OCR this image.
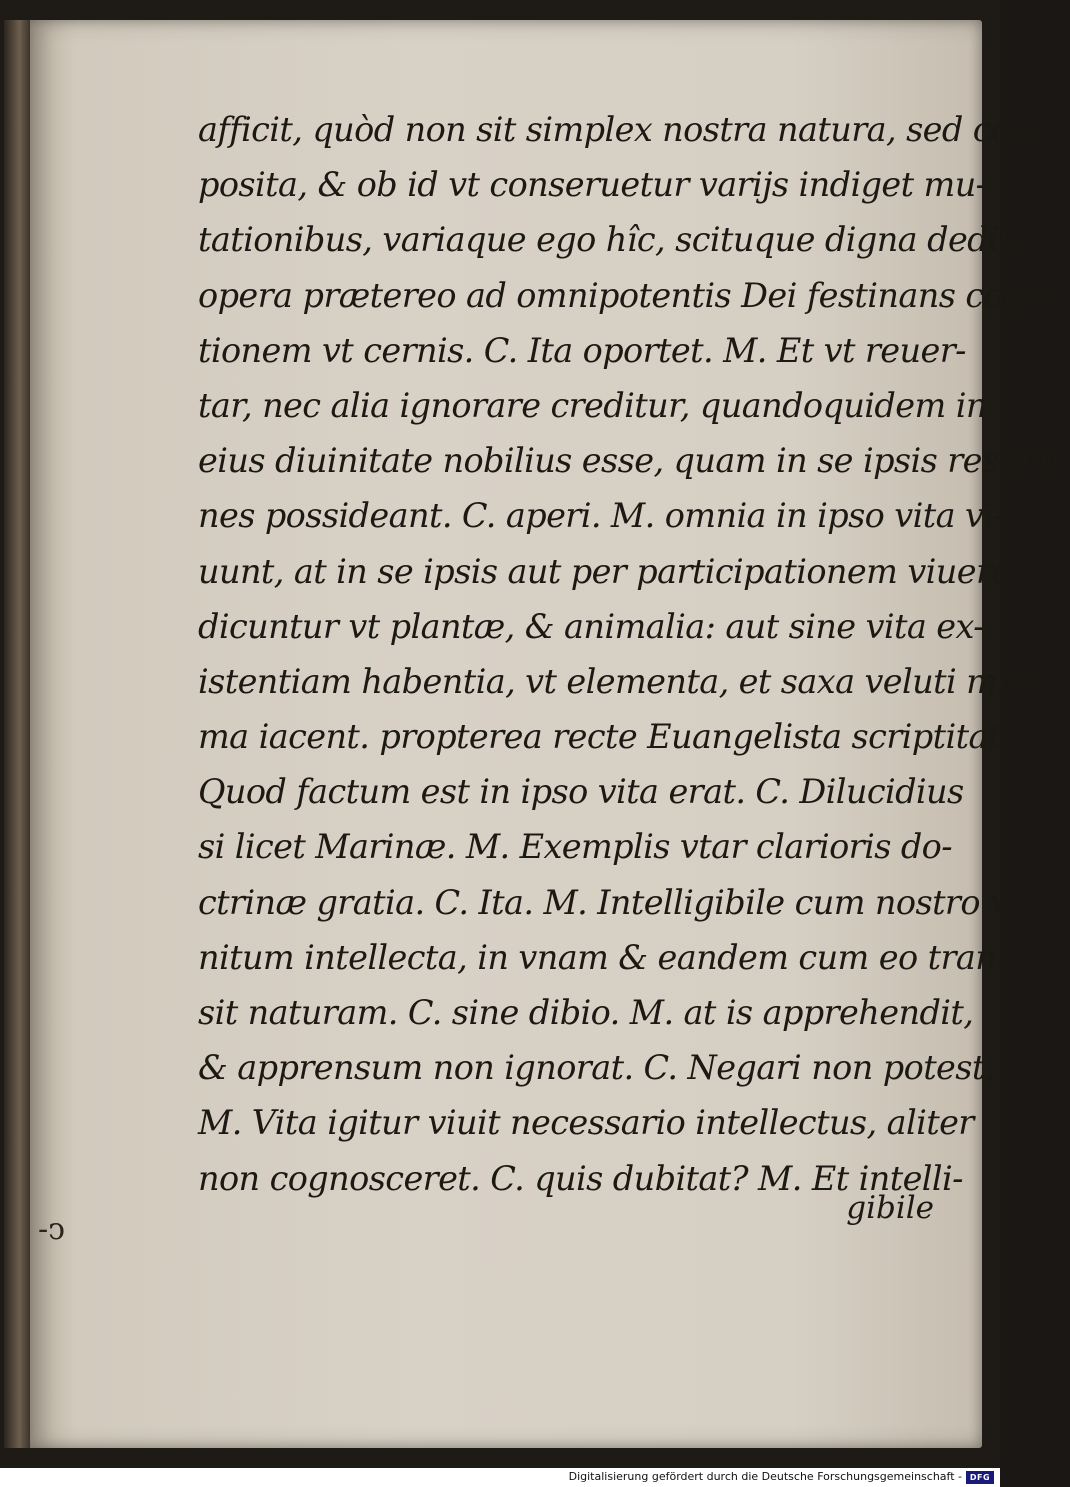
afficit, quòd non sit simplex nostra natura, sed com-
posita, & ob id vt conseruetur varijs indiget mu-
tationibus, variaque ego hîc, scituque digna dedita
opera prætereo ad omnipotentis Dei festinans cogni-
tionem vt cernis. C. Ita oportet. M. Et vt reuer-
tar, nec alia ignorare creditur, quandoquidem in
eius diuinitate nobilius esse, quam in se ipsis res om-
nes possideant. C. aperi. M. omnia in ipso vita vi-
uunt, at in se ipsis aut per participationem viuere
dicuntur vt plantæ, & animalia: aut sine vita ex-
istentiam habentia, vt elementa, et saxa veluti mor-
ma iacent. propterea recte Euangelista scriptitat.
Quod factum est in ipso vita erat. C. Dilucidius
si licet Marinæ. M. Exemplis vtar clarioris do-
ctrinæ gratia. C. Ita. M. Intelligibile cum nostro v-
nitum intellecta, in vnam & eandem cum eo tran-
sit naturam. C. sine dibio. M. at is apprehendit,
& apprensum non ignorat. C. Negari non potest.
M. Vita igitur viuit necessario intellectus, aliter
non cognosceret. C. quis dubitat? M. Et intelli-
gibile
-ↄ
Digitalisierung gefördert durch die Deutsche Forschungsgemeinschaft - DFG
